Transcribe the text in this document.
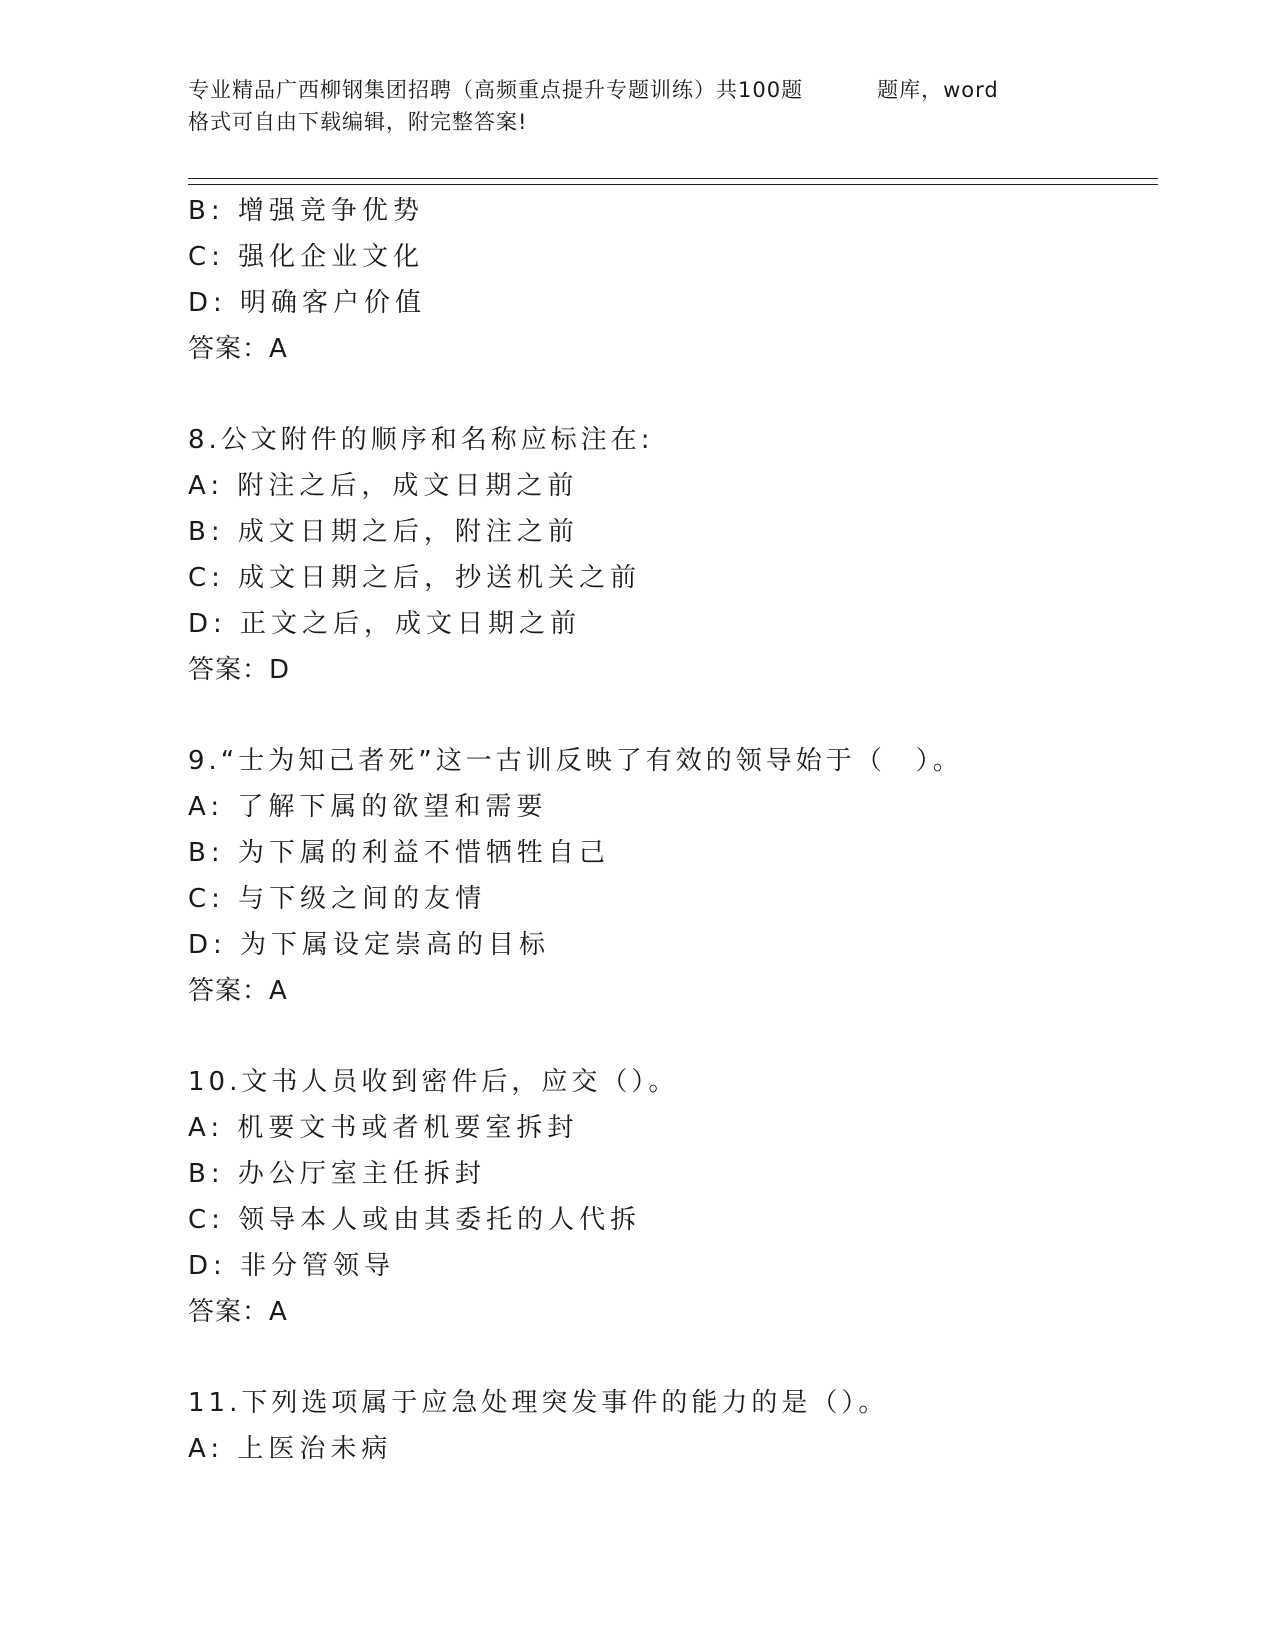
专业精品广西柳钢集团招聘（高频重点提升专题训练）共100题	题库，word
格式可自由下载编辑，附完整答案!
B: 增强竞争优势
C: 强化企业文化
D: 明确客户价值
答案：A
8.公文附件的顺序和名称应标注在:
A: 附注之后，成文日期之前
B: 成文日期之后，附注之前
C: 成文日期之后，抄送机关之前
D: 正文之后，成文日期之前
答案：D
9.“士为知己者死”这一古训反映了有效的领导始于（　）。
A: 了解下属的欲望和需要
B: 为下属的利益不惜牺牲自己
C: 与下级之间的友情
D: 为下属设定崇高的目标
答案：A
10.文书人员收到密件后，应交（）。
A: 机要文书或者机要室拆封
B: 办公厅室主任拆封
C: 领导本人或由其委托的人代拆
D: 非分管领导
答案：A
11.下列选项属于应急处理突发事件的能力的是（）。
A: 上医治未病
